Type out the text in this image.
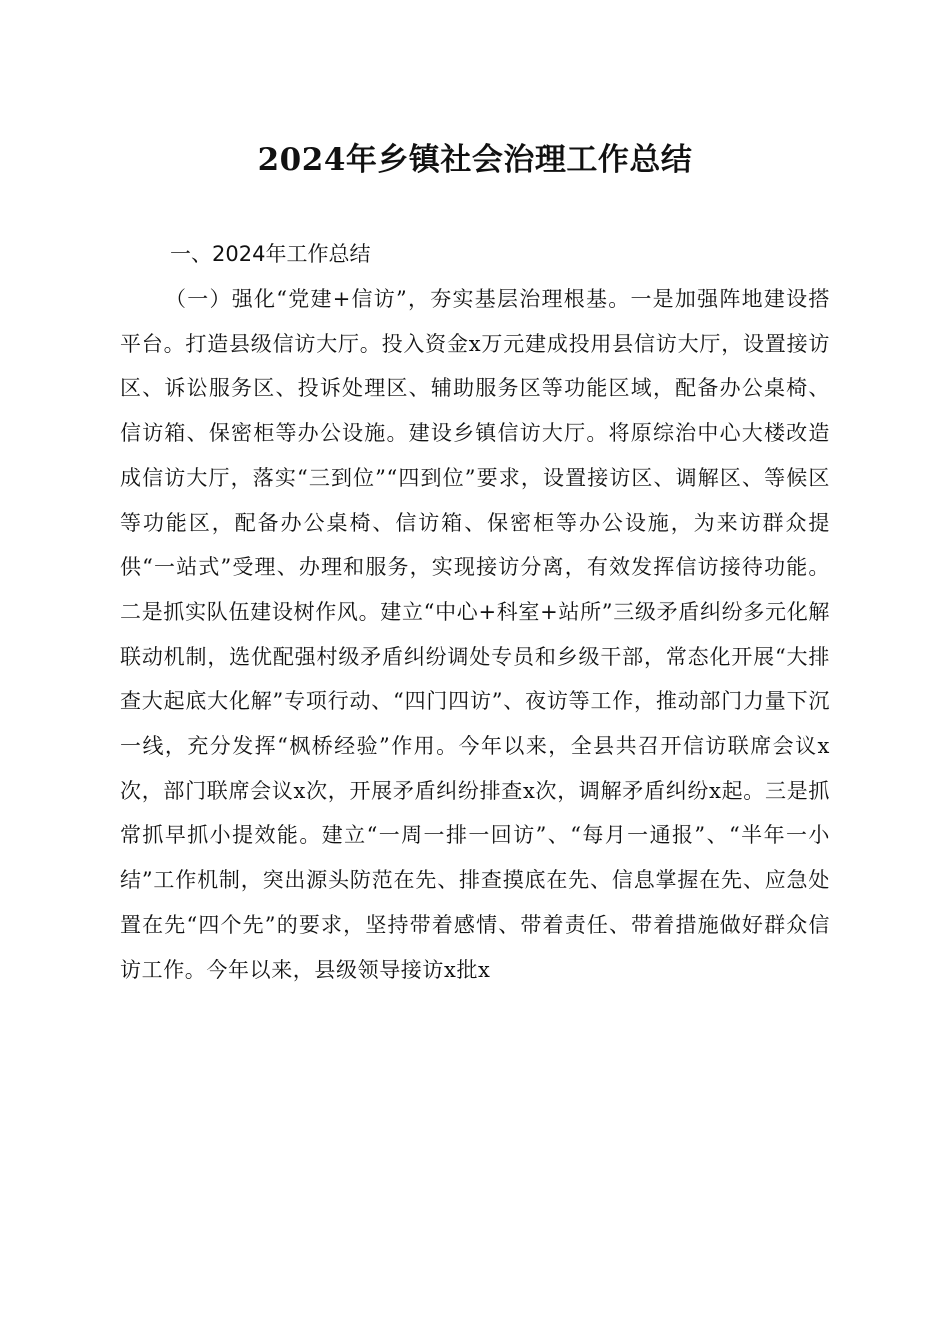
2024年乡镇社会治理工作总结
一、2024年工作总结
（一）强化“党建+信访”，夯实基层治理根基。一是加强阵地建设搭平台。打造县级信访大厅。投入资金x万元建成投用县信访大厅，设置接访区、诉讼服务区、投诉处理区、辅助服务区等功能区域，配备办公桌椅、信访箱、保密柜等办公设施。建设乡镇信访大厅。将原综治中心大楼改造成信访大厅，落实“三到位”“四到位”要求，设置接访区、调解区、等候区等功能区，配备办公桌椅、信访箱、保密柜等办公设施，为来访群众提供“一站式”受理、办理和服务，实现接访分离，有效发挥信访接待功能。二是抓实队伍建设树作风。建立“中心+科室+站所”三级矛盾纠纷多元化解联动机制，选优配强村级矛盾纠纷调处专员和乡级干部，常态化开展“大排查大起底大化解”专项行动、“四门四访”、夜访等工作，推动部门力量下沉一线，充分发挥“枫桥经验”作用。今年以来，全县共召开信访联席会议x次，部门联席会议x次，开展矛盾纠纷排查x次，调解矛盾纠纷x起。三是抓常抓早抓小提效能。建立“一周一排一回访”、“每月一通报”、“半年一小结”工作机制，突出源头防范在先、排查摸底在先、信息掌握在先、应急处置在先“四个先”的要求，坚持带着感情、带着责任、带着措施做好群众信访工作。今年以来，县级领导接访x批x
